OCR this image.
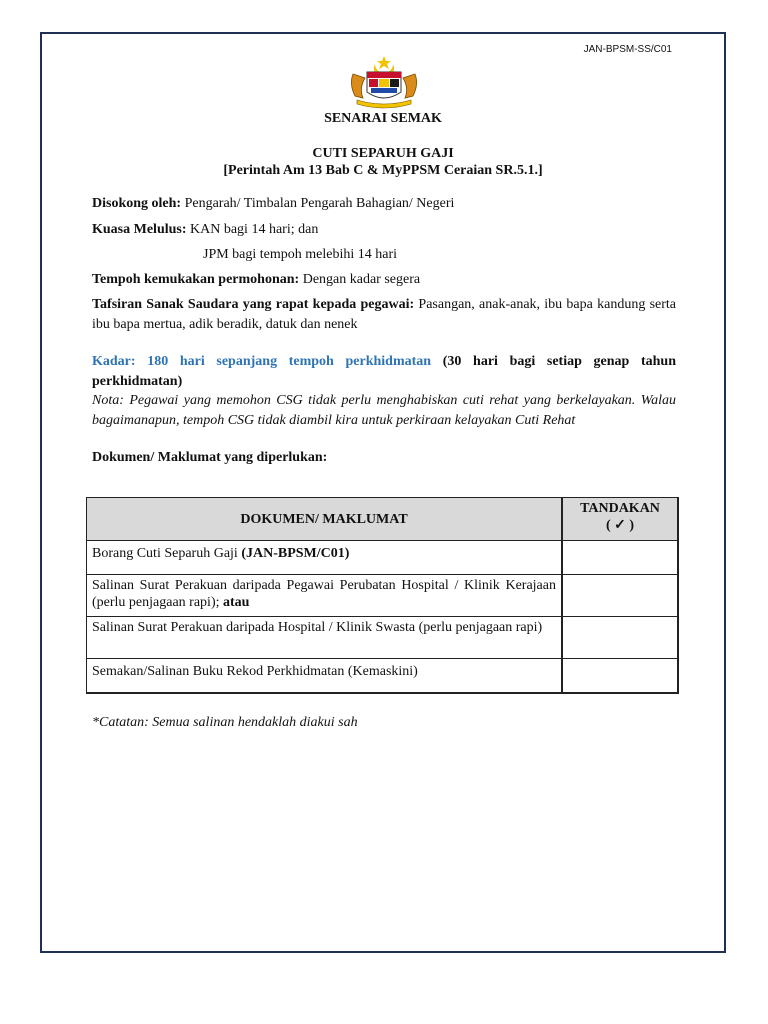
JAN-BPSM-SS/C01
SENARAI SEMAK
CUTI SEPARUH GAJI
[Perintah Am 13 Bab C & MyPPSM Ceraian SR.5.1.]
Disokong oleh: Pengarah/ Timbalan Pengarah Bahagian/ Negeri
Kuasa Melulus: KAN bagi 14 hari; dan
JPM bagi tempoh melebihi 14 hari
Tempoh kemukakan permohonan: Dengan kadar segera
Tafsiran Sanak Saudara yang rapat kepada pegawai: Pasangan, anak-anak, ibu bapa kandung serta ibu bapa mertua, adik beradik, datuk dan nenek
Kadar: 180 hari sepanjang tempoh perkhidmatan (30 hari bagi setiap genap tahun perkhidmatan)
Nota: Pegawai yang memohon CSG tidak perlu menghabiskan cuti rehat yang berkelayakan. Walau bagaimanapun, tempoh CSG tidak diambil kira untuk perkiraan kelayakan Cuti Rehat
Dokumen/ Maklumat yang diperlukan:
DOKUMEN/ MAKLUMAT	TANDAKAN
( ✓ )

Borang Cuti Separuh Gaji (JAN-BPSM/C01)	
Salinan Surat Perakuan daripada Pegawai Perubatan Hospital / Klinik Kerajaan (perlu penjagaan rapi); atau	
Salinan Surat Perakuan daripada Hospital / Klinik Swasta (perlu penjagaan rapi)	
Semakan/Salinan Buku Rekod Perkhidmatan (Kemaskini)	
*Catatan: Semua salinan hendaklah diakui sah
